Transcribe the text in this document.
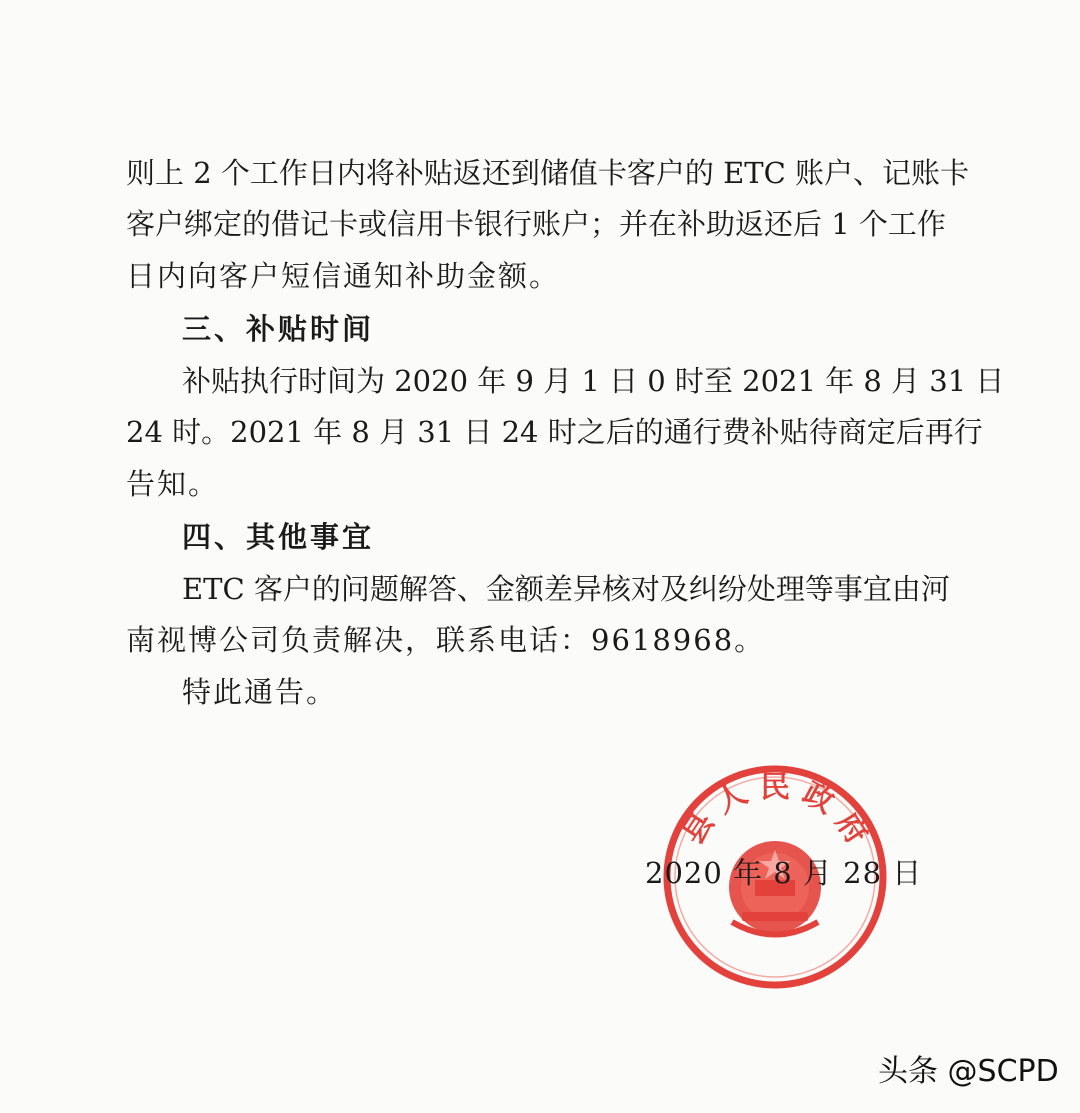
则上 2 个工作日内将补贴返还到储值卡客户的 ETC 账户、记账卡
客户绑定的借记卡或信用卡银行账户；并在补助返还后 1 个工作
日内向客户短信通知补助金额。
三、补贴时间
补贴执行时间为 2020 年 9 月 1 日 0 时至 2021 年 8 月 31 日
24 时。2021 年 8 月 31 日 24 时之后的通行费补贴待商定后再行
告知。
四、其他事宜
ETC 客户的问题解答、金额差异核对及纠纷处理等事宜由河
南视博公司负责解决，联系电话：9618968。
特此通告。
县 人 民 政 府
2020 年 8 月 28 日
头条 @SCPD
